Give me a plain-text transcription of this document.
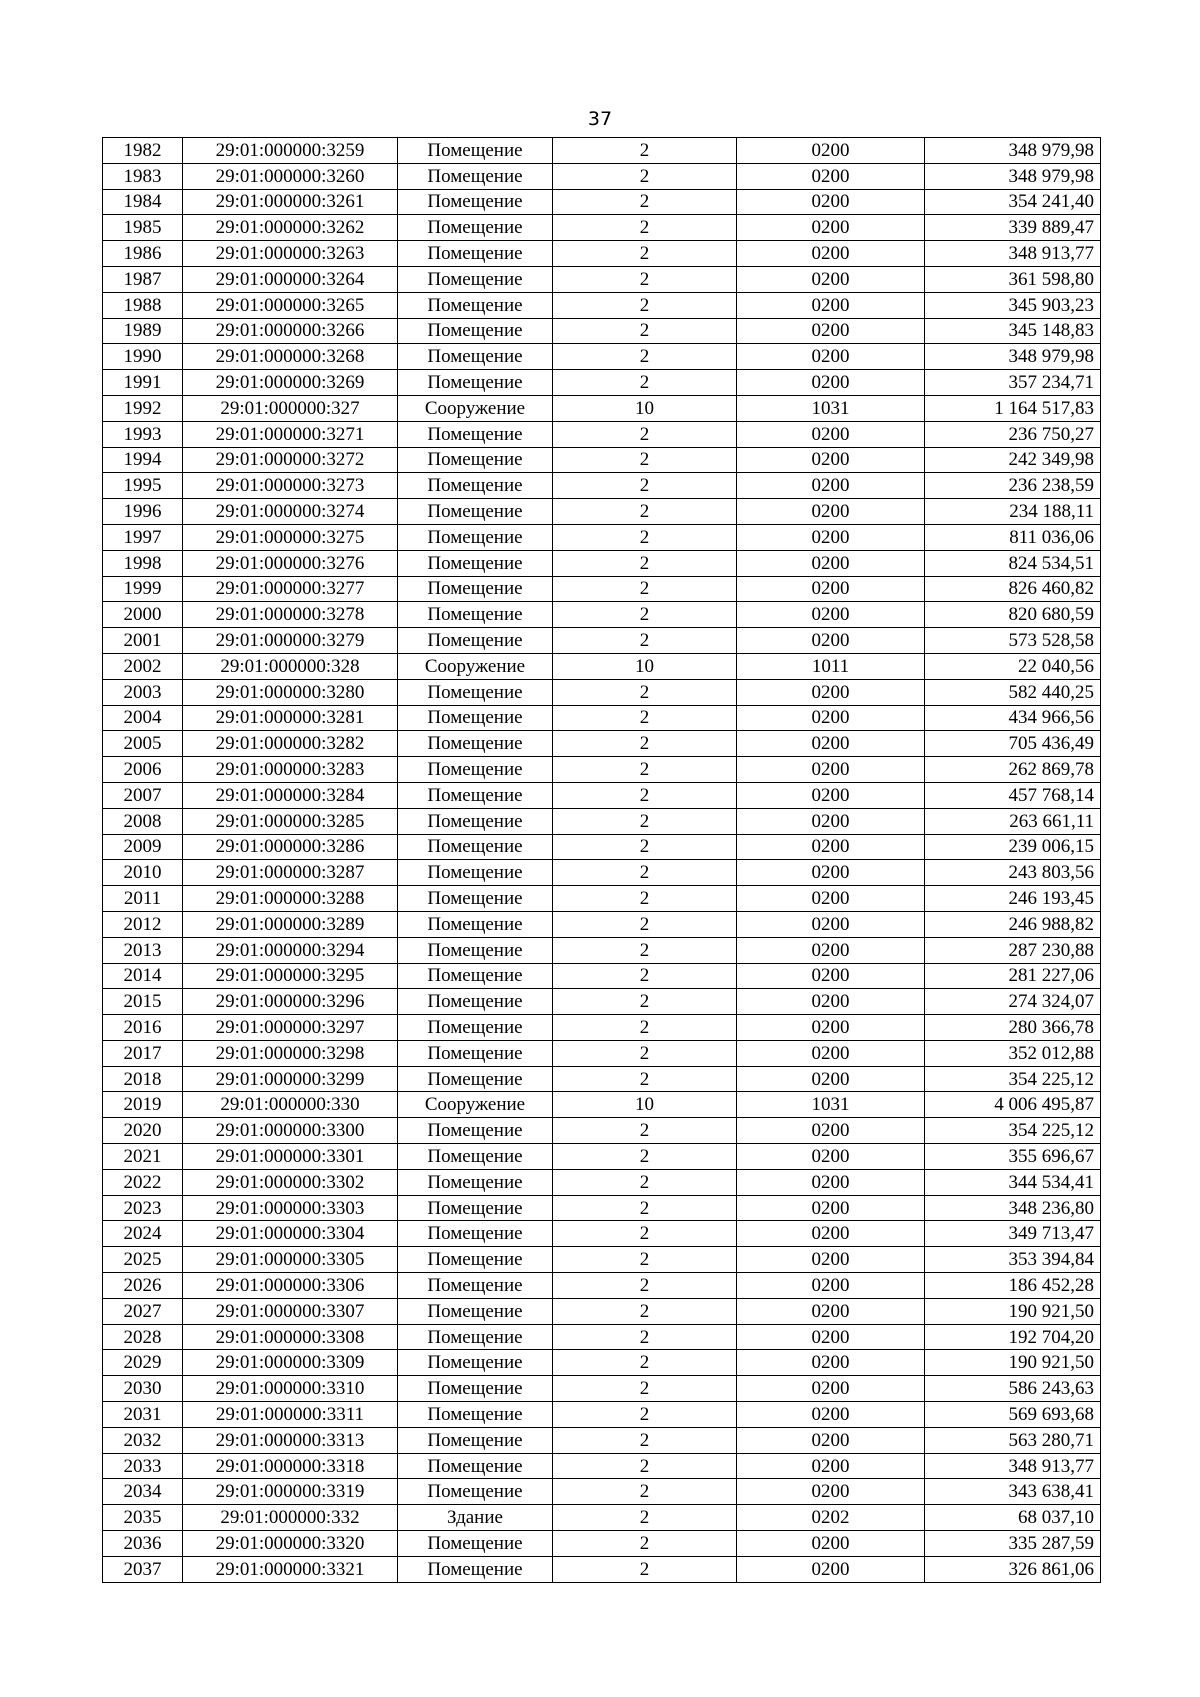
37
1982	29:01:000000:3259	Помещение	2	0200	348 979,98
1983	29:01:000000:3260	Помещение	2	0200	348 979,98
1984	29:01:000000:3261	Помещение	2	0200	354 241,40
1985	29:01:000000:3262	Помещение	2	0200	339 889,47
1986	29:01:000000:3263	Помещение	2	0200	348 913,77
1987	29:01:000000:3264	Помещение	2	0200	361 598,80
1988	29:01:000000:3265	Помещение	2	0200	345 903,23
1989	29:01:000000:3266	Помещение	2	0200	345 148,83
1990	29:01:000000:3268	Помещение	2	0200	348 979,98
1991	29:01:000000:3269	Помещение	2	0200	357 234,71
1992	29:01:000000:327	Сооружение	10	1031	1 164 517,83
1993	29:01:000000:3271	Помещение	2	0200	236 750,27
1994	29:01:000000:3272	Помещение	2	0200	242 349,98
1995	29:01:000000:3273	Помещение	2	0200	236 238,59
1996	29:01:000000:3274	Помещение	2	0200	234 188,11
1997	29:01:000000:3275	Помещение	2	0200	811 036,06
1998	29:01:000000:3276	Помещение	2	0200	824 534,51
1999	29:01:000000:3277	Помещение	2	0200	826 460,82
2000	29:01:000000:3278	Помещение	2	0200	820 680,59
2001	29:01:000000:3279	Помещение	2	0200	573 528,58
2002	29:01:000000:328	Сооружение	10	1011	22 040,56
2003	29:01:000000:3280	Помещение	2	0200	582 440,25
2004	29:01:000000:3281	Помещение	2	0200	434 966,56
2005	29:01:000000:3282	Помещение	2	0200	705 436,49
2006	29:01:000000:3283	Помещение	2	0200	262 869,78
2007	29:01:000000:3284	Помещение	2	0200	457 768,14
2008	29:01:000000:3285	Помещение	2	0200	263 661,11
2009	29:01:000000:3286	Помещение	2	0200	239 006,15
2010	29:01:000000:3287	Помещение	2	0200	243 803,56
2011	29:01:000000:3288	Помещение	2	0200	246 193,45
2012	29:01:000000:3289	Помещение	2	0200	246 988,82
2013	29:01:000000:3294	Помещение	2	0200	287 230,88
2014	29:01:000000:3295	Помещение	2	0200	281 227,06
2015	29:01:000000:3296	Помещение	2	0200	274 324,07
2016	29:01:000000:3297	Помещение	2	0200	280 366,78
2017	29:01:000000:3298	Помещение	2	0200	352 012,88
2018	29:01:000000:3299	Помещение	2	0200	354 225,12
2019	29:01:000000:330	Сооружение	10	1031	4 006 495,87
2020	29:01:000000:3300	Помещение	2	0200	354 225,12
2021	29:01:000000:3301	Помещение	2	0200	355 696,67
2022	29:01:000000:3302	Помещение	2	0200	344 534,41
2023	29:01:000000:3303	Помещение	2	0200	348 236,80
2024	29:01:000000:3304	Помещение	2	0200	349 713,47
2025	29:01:000000:3305	Помещение	2	0200	353 394,84
2026	29:01:000000:3306	Помещение	2	0200	186 452,28
2027	29:01:000000:3307	Помещение	2	0200	190 921,50
2028	29:01:000000:3308	Помещение	2	0200	192 704,20
2029	29:01:000000:3309	Помещение	2	0200	190 921,50
2030	29:01:000000:3310	Помещение	2	0200	586 243,63
2031	29:01:000000:3311	Помещение	2	0200	569 693,68
2032	29:01:000000:3313	Помещение	2	0200	563 280,71
2033	29:01:000000:3318	Помещение	2	0200	348 913,77
2034	29:01:000000:3319	Помещение	2	0200	343 638,41
2035	29:01:000000:332	Здание	2	0202	68 037,10
2036	29:01:000000:3320	Помещение	2	0200	335 287,59
2037	29:01:000000:3321	Помещение	2	0200	326 861,06
